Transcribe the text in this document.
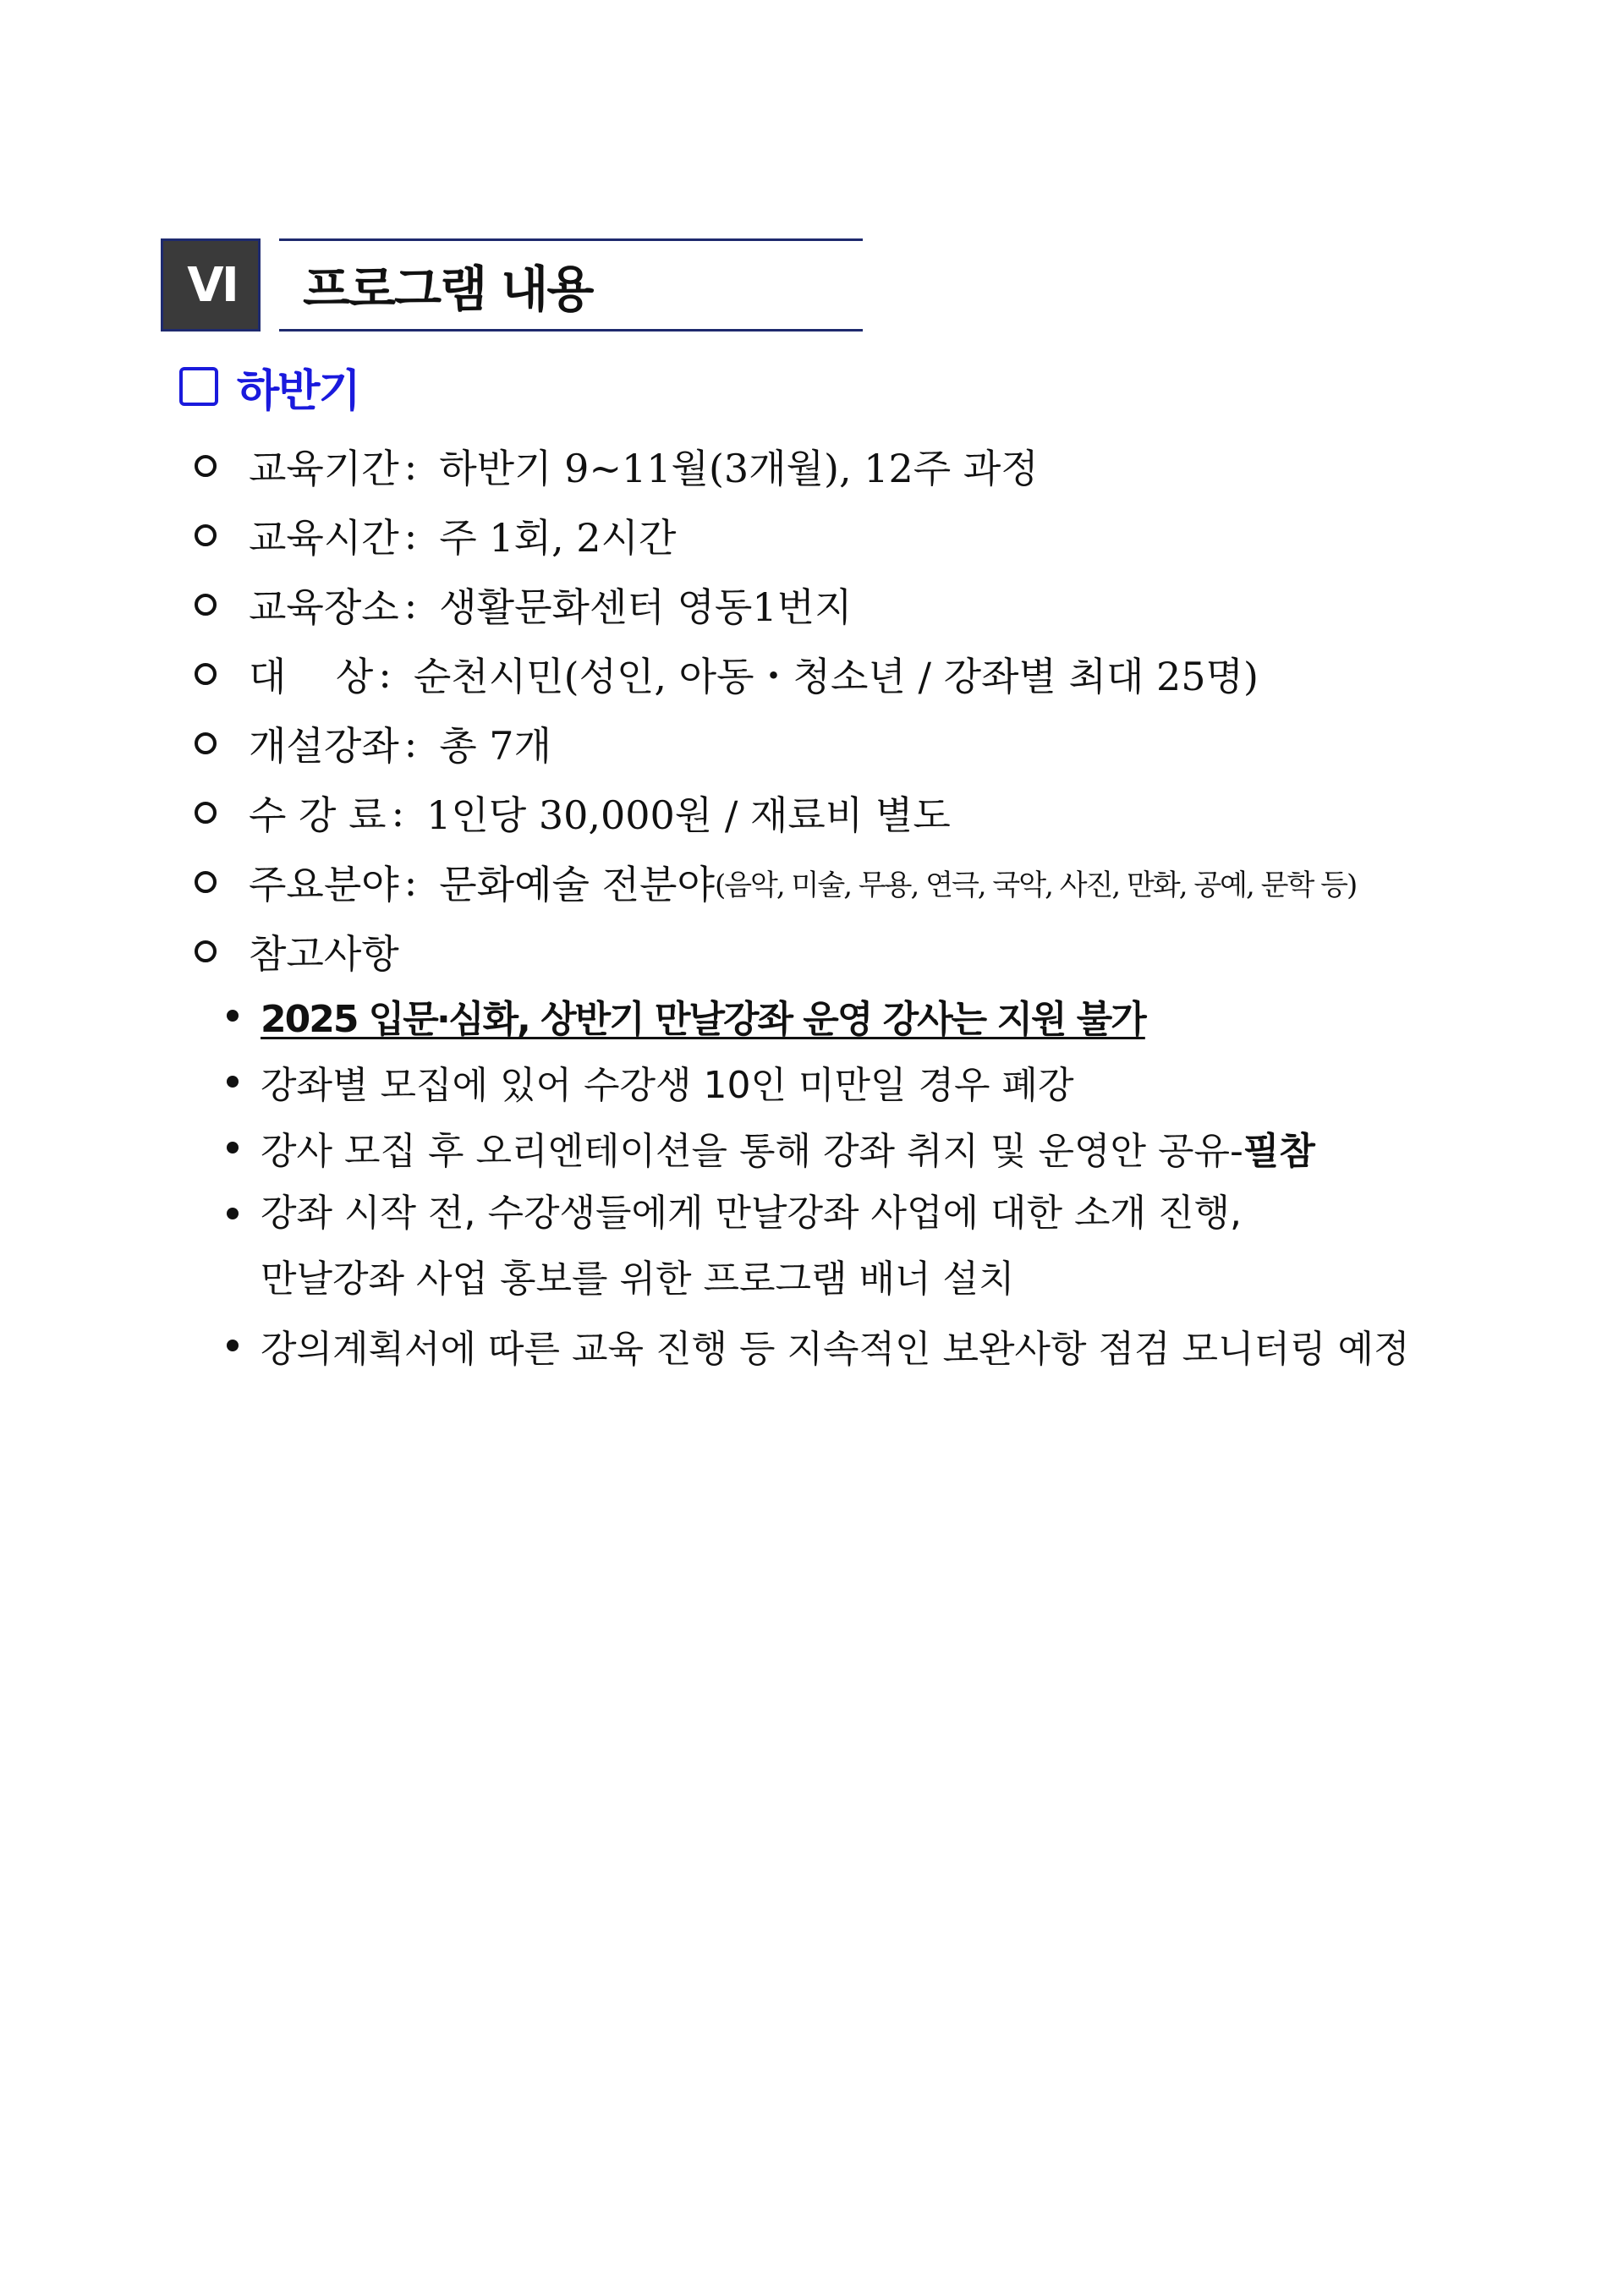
Ⅵ	프로그램 내용
하반기
교육기간 : 하반기 9~11월(3개월), 12주 과정
교육시간 : 주 1회, 2시간
교육장소 : 생활문화센터 영동1번지
대    상 : 순천시민(성인, 아동・청소년 / 강좌별 최대 25명)
개설강좌 : 총 7개
수 강 료 : 1인당 30,000원 / 재료비 별도
주요분야 : 문화예술 전분야 (음악, 미술, 무용, 연극, 국악, 사진, 만화, 공예, 문학 등)
참고사항
2025 입문‧심화, 상반기 만날강좌 운영 강사는 지원 불가
강좌별 모집에 있어 수강생 10인 미만일 경우 폐강
강사 모집 후 오리엔테이션을 통해 강좌 취지 및 운영안 공유- 필참
강좌 시작 전, 수강생들에게 만날강좌 사업에 대한 소개 진행,
만날강좌 사업 홍보를 위한 프로그램 배너 설치
강의계획서에 따른 교육 진행 등 지속적인 보완사항 점검 모니터링 예정
